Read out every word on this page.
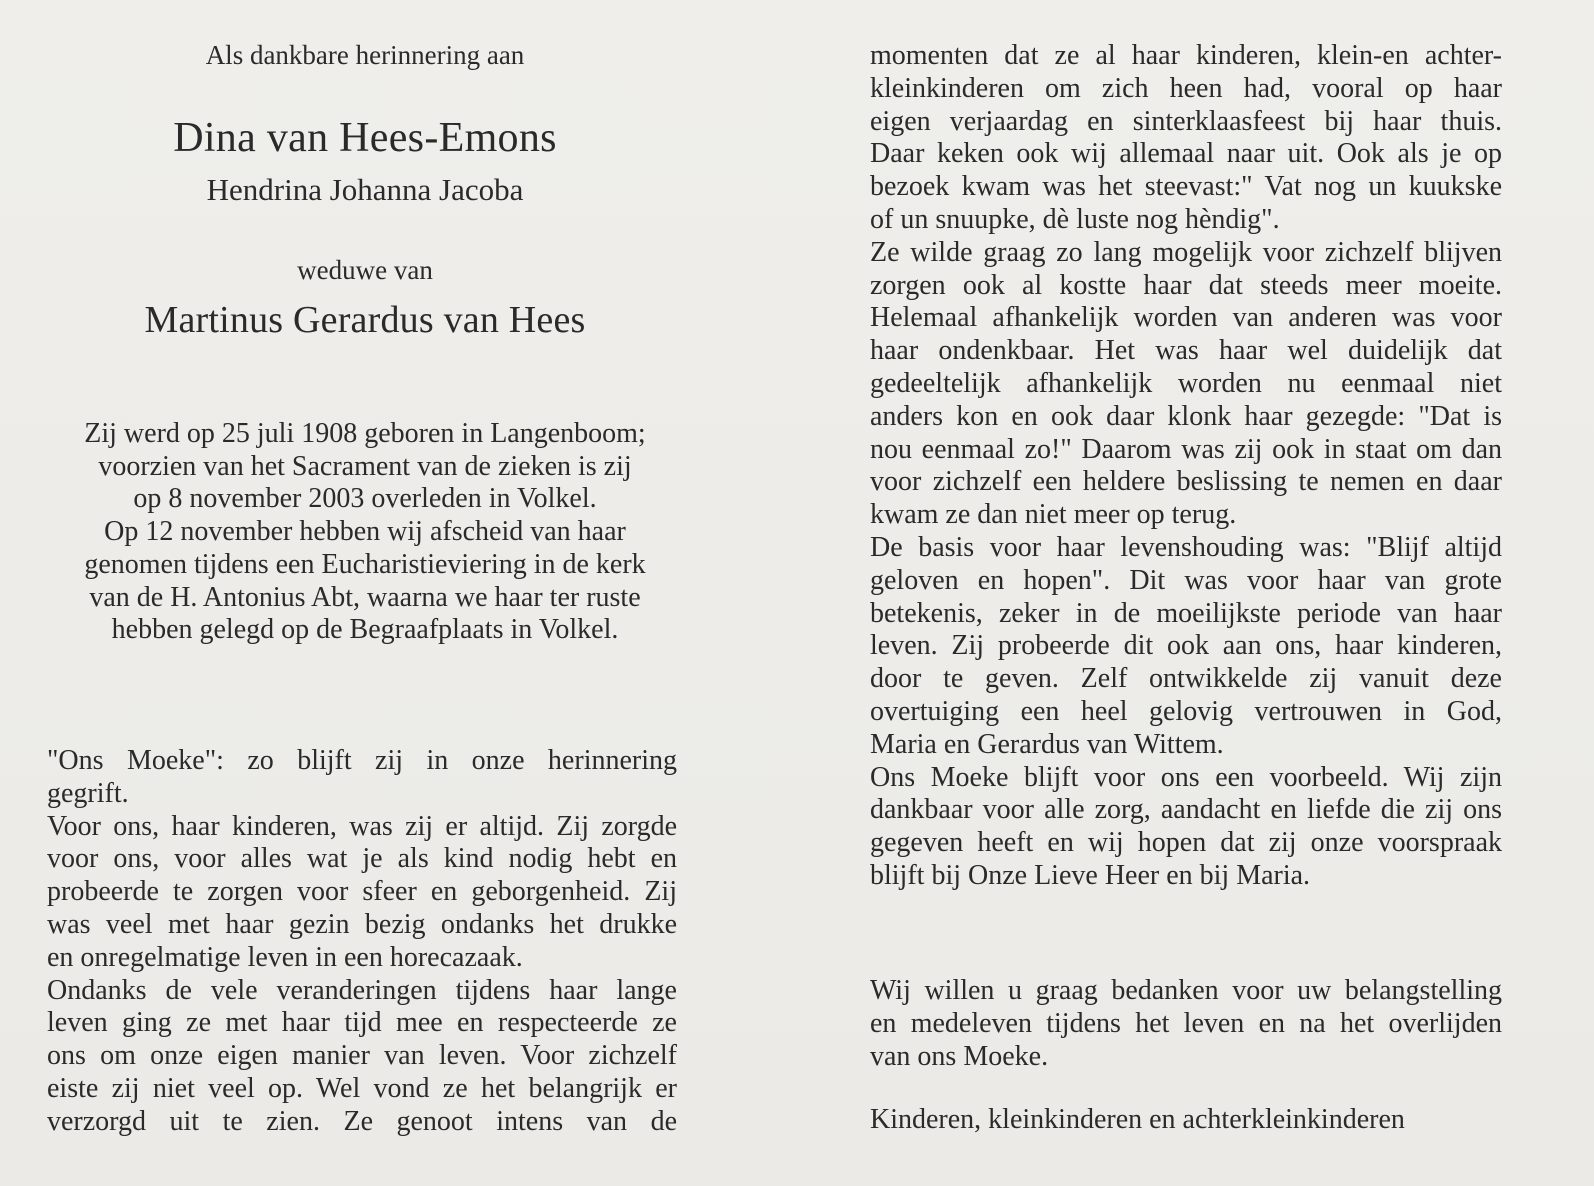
Als dankbare herinnering aan
Dina van Hees-Emons
Hendrina Johanna Jacoba
weduwe van
Martinus Gerardus van Hees
Zij werd op 25 juli 1908 geboren in Langenboom;
voorzien van het Sacrament van de zieken is zij
op 8 november 2003 overleden in Volkel.
Op 12 november hebben wij afscheid van haar
genomen tijdens een Eucharistieviering in de kerk
van de H. Antonius Abt, waarna we haar ter ruste
hebben gelegd op de Begraafplaats in Volkel.
"Ons Moeke": zo blijft zij in onze herinnering
gegrift.
Voor ons, haar kinderen, was zij er altijd. Zij zorgde
voor ons, voor alles wat je als kind nodig hebt en
probeerde te zorgen voor sfeer en geborgenheid. Zij
was veel met haar gezin bezig ondanks het drukke
en onregelmatige leven in een horecazaak.
Ondanks de vele veranderingen tijdens haar lange
leven ging ze met haar tijd mee en respecteerde ze
ons om onze eigen manier van leven. Voor zichzelf
eiste zij niet veel op. Wel vond ze het belangrijk er
verzorgd uit te zien. Ze genoot intens van de
momenten dat ze al haar kinderen, klein-en achter-
kleinkinderen om zich heen had, vooral op haar
eigen verjaardag en sinterklaasfeest bij haar thuis.
Daar keken ook wij allemaal naar uit. Ook als je op
bezoek kwam was het steevast:" Vat nog un kuukske
of un snuupke, dè luste nog hèndig".
Ze wilde graag zo lang mogelijk voor zichzelf blijven
zorgen ook al kostte haar dat steeds meer moeite.
Helemaal afhankelijk worden van anderen was voor
haar ondenkbaar. Het was haar wel duidelijk dat
gedeeltelijk afhankelijk worden nu eenmaal niet
anders kon en ook daar klonk haar gezegde: "Dat is
nou eenmaal zo!" Daarom was zij ook in staat om dan
voor zichzelf een heldere beslissing te nemen en daar
kwam ze dan niet meer op terug.
De basis voor haar levenshouding was: "Blijf altijd
geloven en hopen". Dit was voor haar van grote
betekenis, zeker in de moeilijkste periode van haar
leven. Zij probeerde dit ook aan ons, haar kinderen,
door te geven. Zelf ontwikkelde zij vanuit deze
overtuiging een heel gelovig vertrouwen in God,
Maria en Gerardus van Wittem.
Ons Moeke blijft voor ons een voorbeeld. Wij zijn
dankbaar voor alle zorg, aandacht en liefde die zij ons
gegeven heeft en wij hopen dat zij onze voorspraak
blijft bij Onze Lieve Heer en bij Maria.
Wij willen u graag bedanken voor uw belangstelling
en medeleven tijdens het leven en na het overlijden
van ons Moeke.
Kinderen, kleinkinderen en achterkleinkinderen
